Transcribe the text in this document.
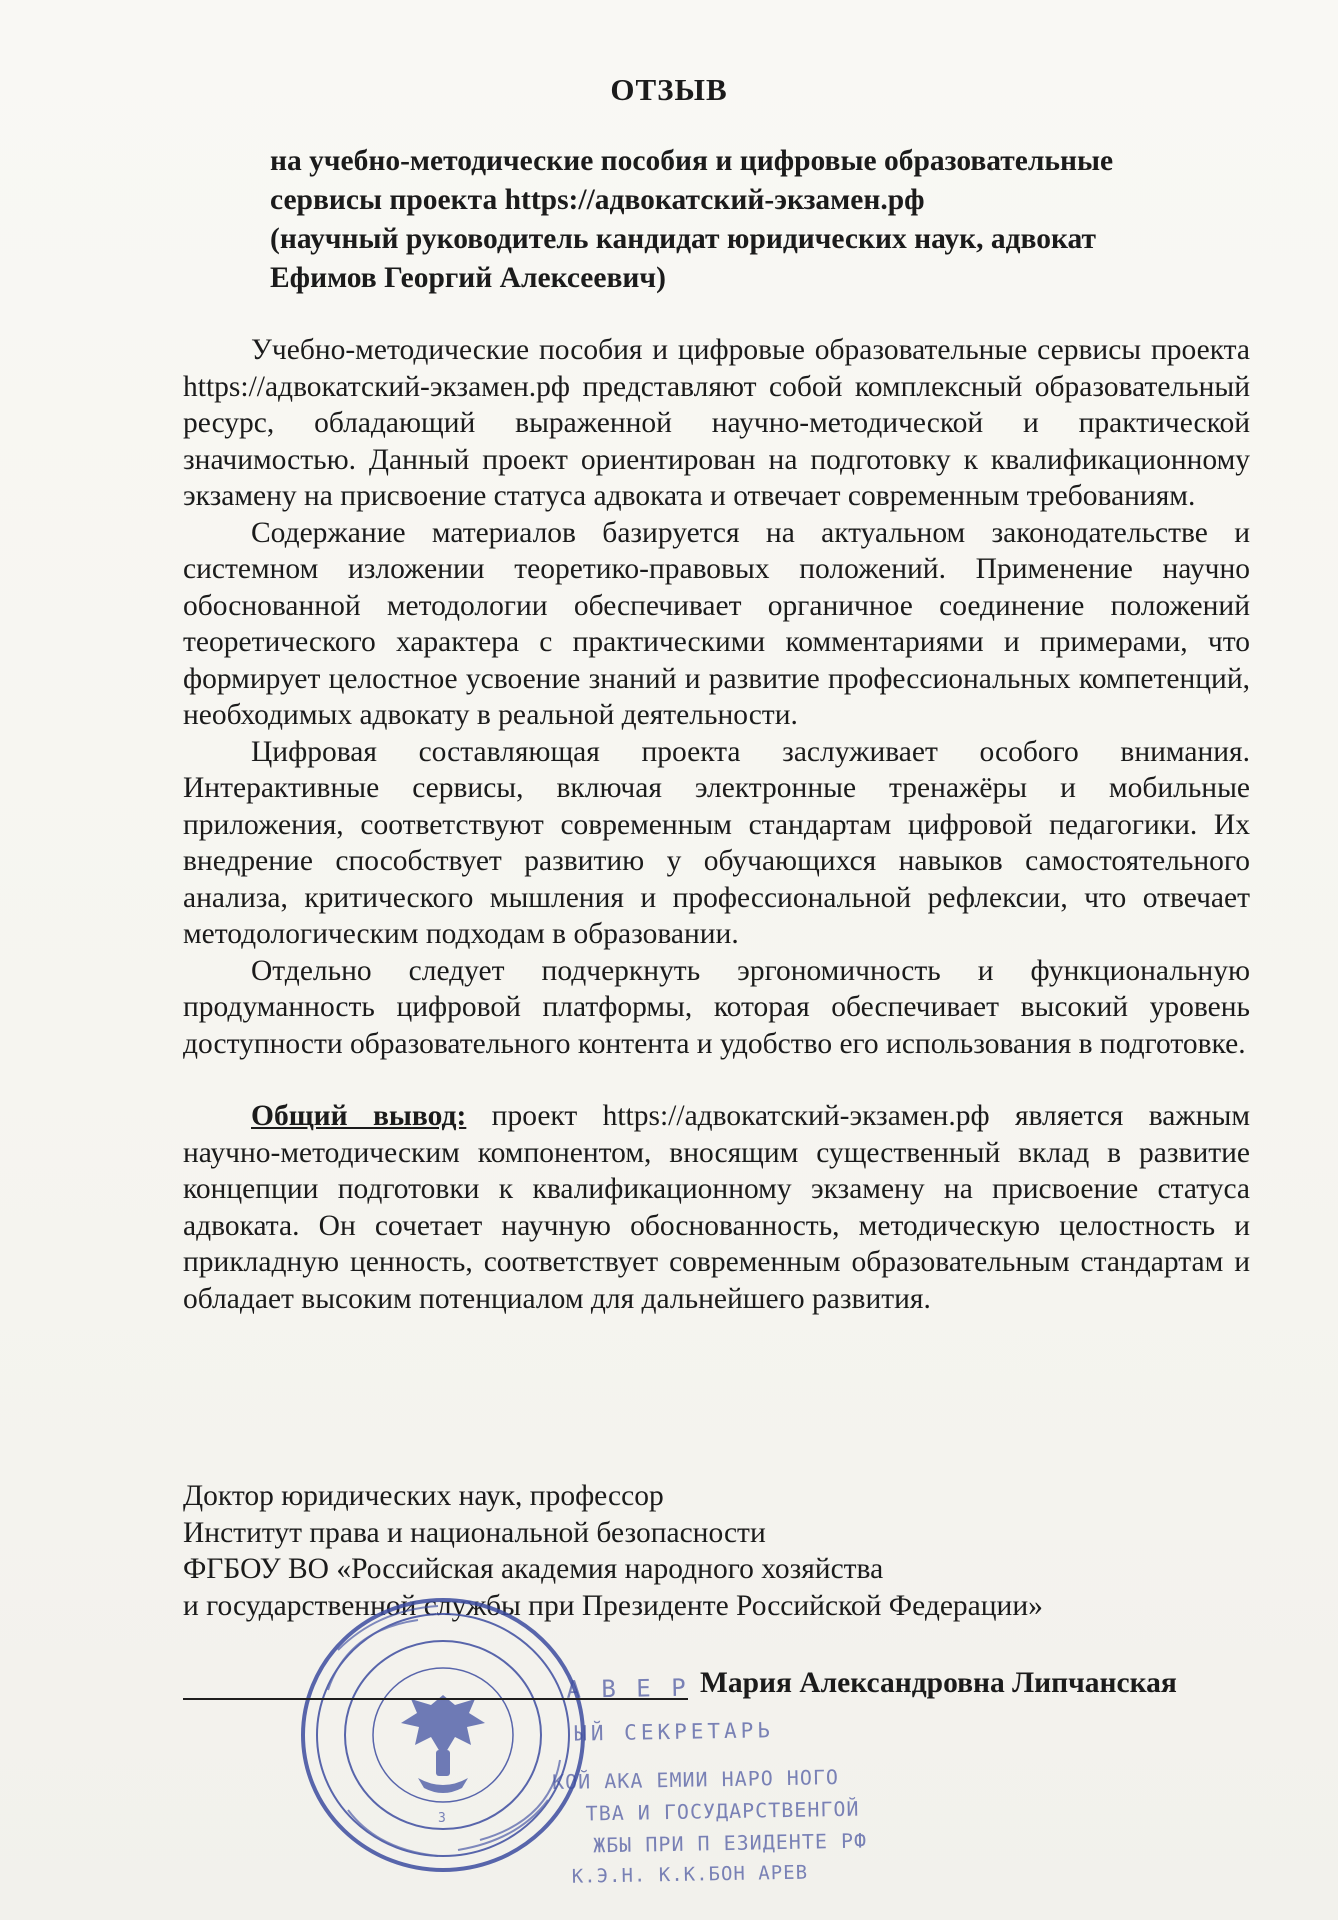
ОТЗЫВ
на учебно-методические пособия и цифровые образовательные
сервисы проекта https://адвокатский-экзамен.рф
(научный руководитель кандидат юридических наук, адвокат
Ефимов Георгий Алексеевич)

Учебно-методические пособия и цифровые образовательные сервисы проекта https://адвокатский-экзамен.рф представляют собой комплексный образовательный ресурс, обладающий выраженной научно-методической и практической значимостью. Данный проект ориентирован на подготовку к квалификационному экзамену на присвоение статуса адвоката и отвечает современным требованиям.

Содержание материалов базируется на актуальном законодательстве и системном изложении теоретико-правовых положений. Применение научно обоснованной методологии обеспечивает органичное соединение положений теоретического характера с практическими комментариями и примерами, что формирует целостное усвоение знаний и развитие профессиональных компетенций, необходимых адвокату в реальной деятельности.

Цифровая составляющая проекта заслуживает особого внимания. Интерактивные сервисы, включая электронные тренажёры и мобильные приложения, соответствуют современным стандартам цифровой педагогики. Их внедрение способствует развитию у обучающихся навыков самостоятельного анализа, критического мышления и профессиональной рефлексии, что отвечает методологическим подходам в образовании.

Отдельно следует подчеркнуть эргономичность и функциональную продуманность цифровой платформы, которая обеспечивает высокий уровень доступности образовательного контента и удобство его использования в подготовке.

Общий вывод: проект https://адвокатский-экзамен.рф является важным научно-методическим компонентом, вносящим существенный вклад в развитие концепции подготовки к квалификационному экзамену на присвоение статуса адвоката. Он сочетает научную обоснованность, методическую целостность и прикладную ценность, соответствует современным образовательным стандартам и обладает высоким потенциалом для дальнейшего развития.

Доктор юридических наук, профессор
Институт права и национальной безопасности
ФГБОУ ВО «Российская академия народного хозяйства
и государственной службы при Президенте Российской Федерации»
А В Е Р
ЫЙ СЕКРЕТАРЬ
КОЙ АКА ЕМИИ НАРО НОГО
ТВА И ГОСУДАРСТВЕНГОЙ
ЖБЫ ПРИ П ЕЗИДЕНТЕ РФ
К.Э.Н. К.К.БОН АРЕВ
3
Мария Александровна Липчанская
